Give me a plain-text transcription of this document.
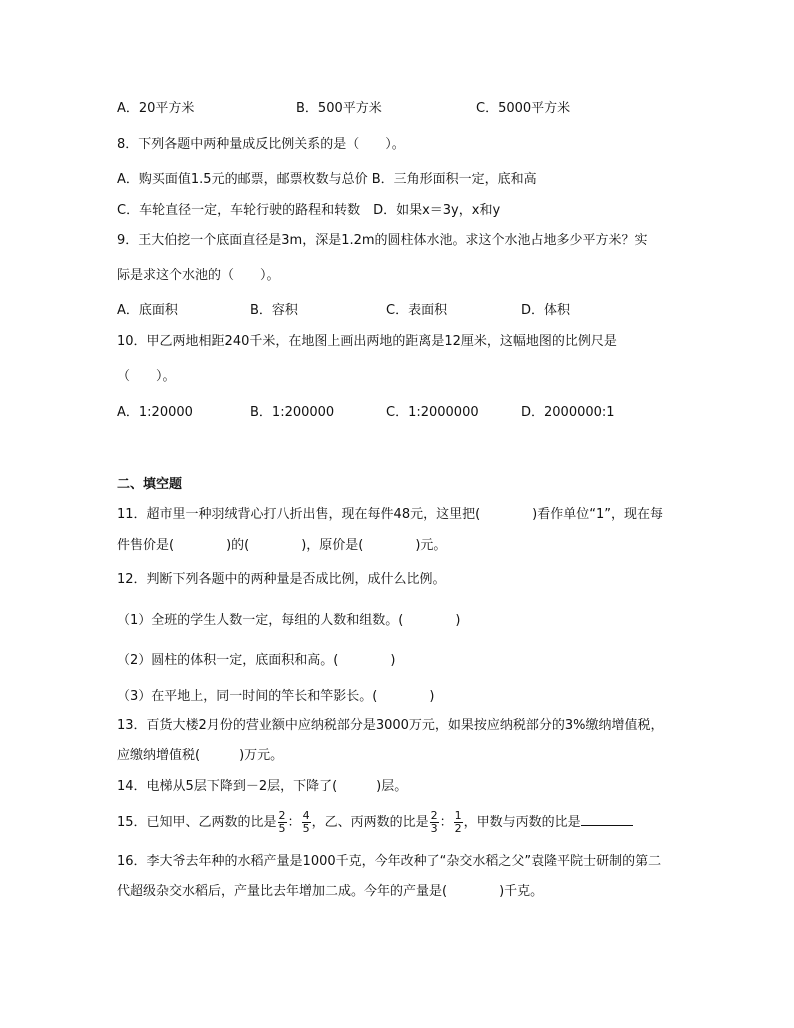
A．20平方米	B．500平方米	C．5000平方米
8．下列各题中两种量成反比例关系的是（　　）。
A．购买面值1.5元的邮票，邮票枚数与总价 B．三角形面积一定，底和高
C．车轮直径一定，车轮行驶的路程和转数　D．如果x＝3y，x和y
9．王大伯挖一个底面直径是3m，深是1.2m的圆柱体水池。求这个水池占地多少平方米？实
际是求这个水池的（　　）。
A．底面积	B．容积	C．表面积	D．体积
10．甲乙两地相距240千米，在地图上画出两地的距离是12厘米，这幅地图的比例尺是
（　　）。
A．1:20000	B．1:200000	C．1:2000000	D．2000000:1
二、填空题
11．超市里一种羽绒背心打八折出售，现在每件48元，这里把(　　　　)看作单位“1”，现在每
件售价是(　　　　)的(　　　　)，原价是(　　　　)元。
12．判断下列各题中的两种量是否成比例，成什么比例。
（1）全班的学生人数一定，每组的人数和组数。(　　　　)
（2）圆柱的体积一定，底面积和高。(　　　　)
（3）在平地上，同一时间的竿长和竿影长。(　　　　)
13．百货大楼2月份的营业额中应纳税部分是3000万元，如果按应纳税部分的3%缴纳增值税，
应缴纳增值税(　　　)万元。
14．电梯从5层下降到－2层，下降了(　　　)层。
15．已知甲、乙两数的比是 $\frac{2}{5}$ ： $\frac{4}{5}$ ，乙、丙两数的比是 $\frac{2}{3}$ ： $\frac{1}{2}$ ，甲数与丙数的比是
16．李大爷去年种的水稻产量是1000千克，今年改种了“杂交水稻之父”袁隆平院士研制的第二
代超级杂交水稻后，产量比去年增加二成。今年的产量是(　　　　)千克。
